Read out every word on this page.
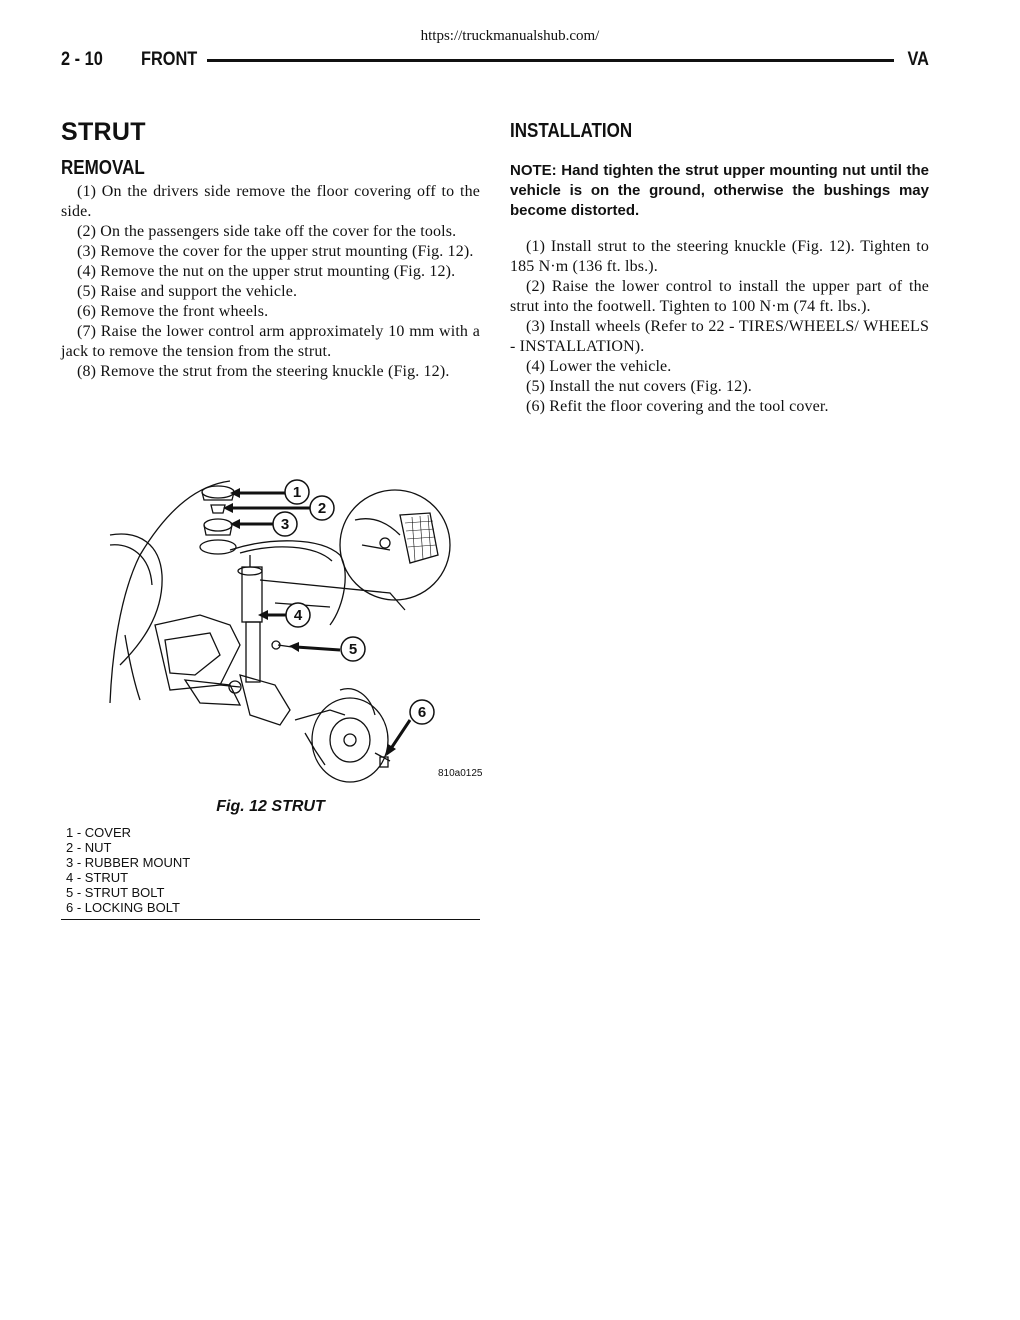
https://truckmanualshub.com/
2 - 10	FRONT	VA
STRUT
REMOVAL

(1) On the drivers side remove the floor covering off to the side.

(2) On the passengers side take off the cover for the tools.

(3) Remove the cover for the upper strut mounting (Fig. 12).

(4) Remove the nut on the upper strut mounting (Fig. 12).

(5) Raise and support the vehicle.

(6) Remove the front wheels.

(7) Raise the lower control arm approximately 10 mm with a jack to remove the tension from the strut.

(8) Remove the strut from the steering knuckle (Fig. 12).

INSTALLATION

NOTE: Hand tighten the strut upper mounting nut until the vehicle is on the ground, otherwise the bushings may become distorted.

(1) Install strut to the steering knuckle (Fig. 12). Tighten to 185 N·m (136 ft. lbs.).

(2) Raise the lower control to install the upper part of the strut into the footwell. Tighten to 100 N·m (74 ft. lbs.).

(3) Install wheels (Refer to 22 - TIRES/WHEELS/ WHEELS - INSTALLATION).

(4) Lower the vehicle.

(5) Install the nut covers (Fig. 12).

(6) Refit the floor covering and the tool cover.

1
2
3
4
5
6
810a0125
Fig. 12 STRUT
1 - COVER
2 - NUT
3 - RUBBER MOUNT
4 - STRUT
5 - STRUT BOLT
6 - LOCKING BOLT
